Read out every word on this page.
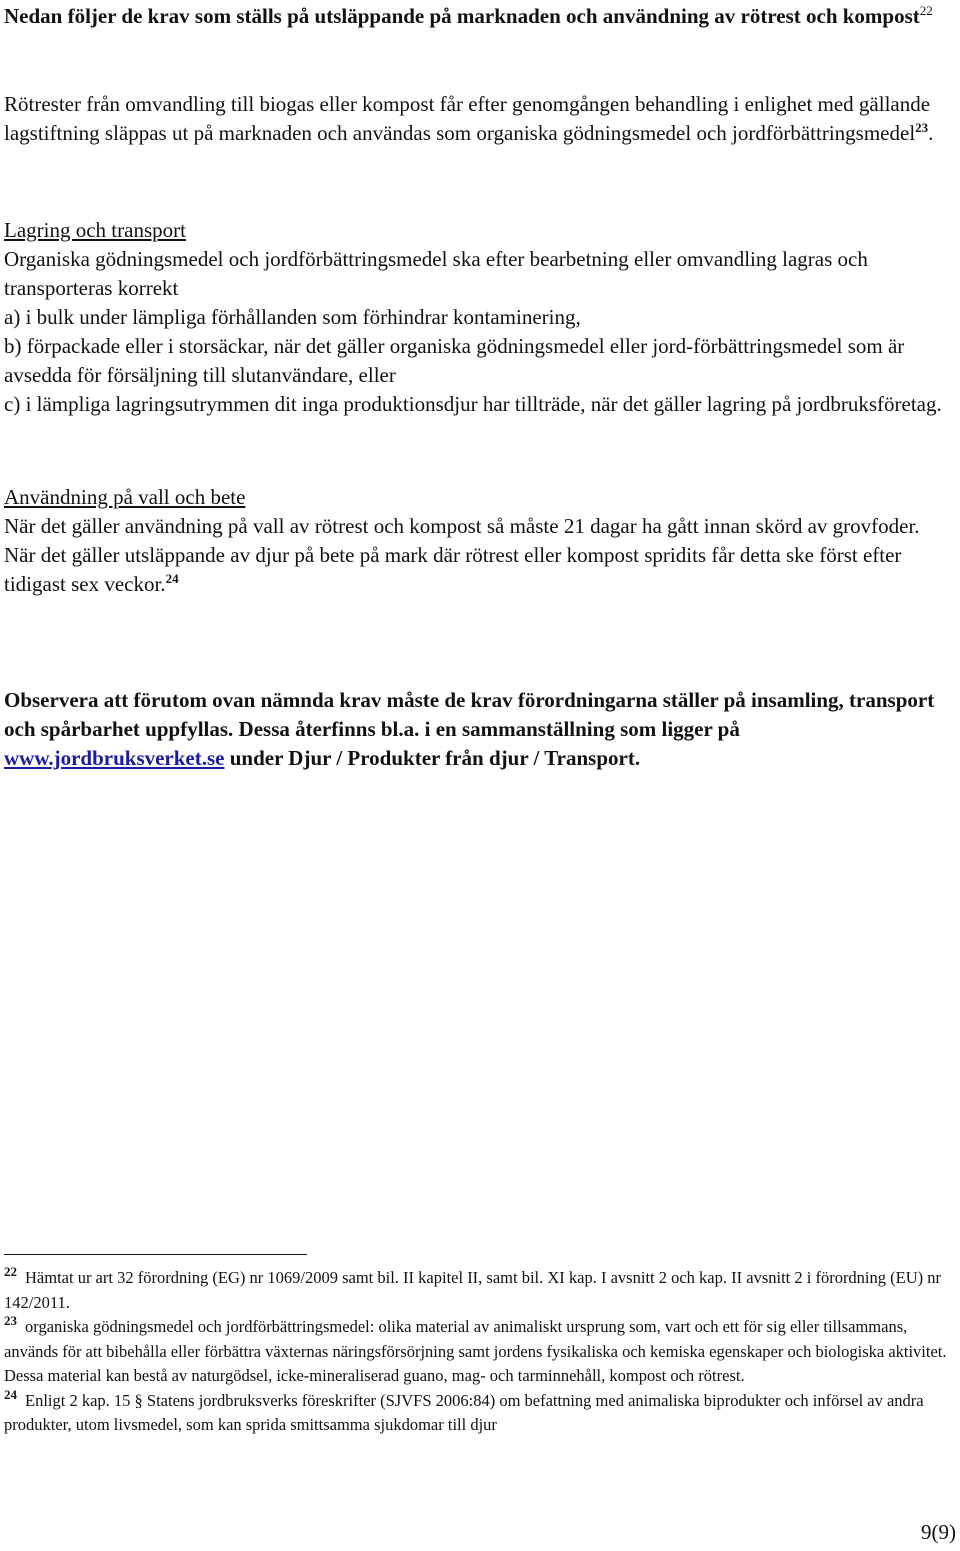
Nedan följer de krav som ställs på utsläppande på marknaden och användning av rötrest och kompost$^{22}$

Rötrester från omvandling till biogas eller kompost får efter genomgången behandling i enlighet med gällande lagstiftning släppas ut på marknaden och användas som organiska gödningsmedel och jordförbättringsmedel$^{23}$.

Lagring och transport
Organiska gödningsmedel och jordförbättringsmedel ska efter bearbetning eller omvandling lagras och transporteras korrekt
a) i bulk under lämpliga förhållanden som förhindrar kontaminering,
b) förpackade eller i storsäckar, när det gäller organiska gödningsmedel eller jord-förbättringsmedel som är avsedda för försäljning till slutanvändare, eller
c) i lämpliga lagringsutrymmen dit inga produktionsdjur har tillträde, när det gäller lagring på jordbruksföretag.
Användning på vall och bete
När det gäller användning på vall av rötrest och kompost så måste 21 dagar ha gått innan skörd av grovfoder. När det gäller utsläppande av djur på bete på mark där rötrest eller kompost spridits får detta ske först efter tidigast sex veckor.$^{24}$

Observera att förutom ovan nämnda krav måste de krav förordningarna ställer på insamling, transport och spårbarhet uppfyllas. Dessa återfinns bl.a. i en sammanställning som ligger på www.jordbruksverket.se under Djur / Produkter från djur / Transport.

$^{22}$ Hämtat ur art 32 förordning (EG) nr 1069/2009 samt bil. II kapitel II, samt bil. XI kap. I avsnitt 2 och kap. II avsnitt 2 i förordning (EU) nr 142/2011.

$^{23}$ organiska gödningsmedel och jordförbättringsmedel: olika material av animaliskt ursprung som, vart och ett för sig eller tillsammans, används för att bibehålla eller förbättra växternas näringsförsörjning samt jordens fysikaliska och kemiska egenskaper och biologiska aktivitet. Dessa material kan bestå av naturgödsel, icke-mineraliserad guano, mag- och tarminnehåll, kompost och rötrest.

$^{24}$ Enligt 2 kap. 15 § Statens jordbruksverks föreskrifter (SJVFS 2006:84) om befattning med animaliska biprodukter och införsel av andra produkter, utom livsmedel, som kan sprida smittsamma sjukdomar till djur

9(9)
